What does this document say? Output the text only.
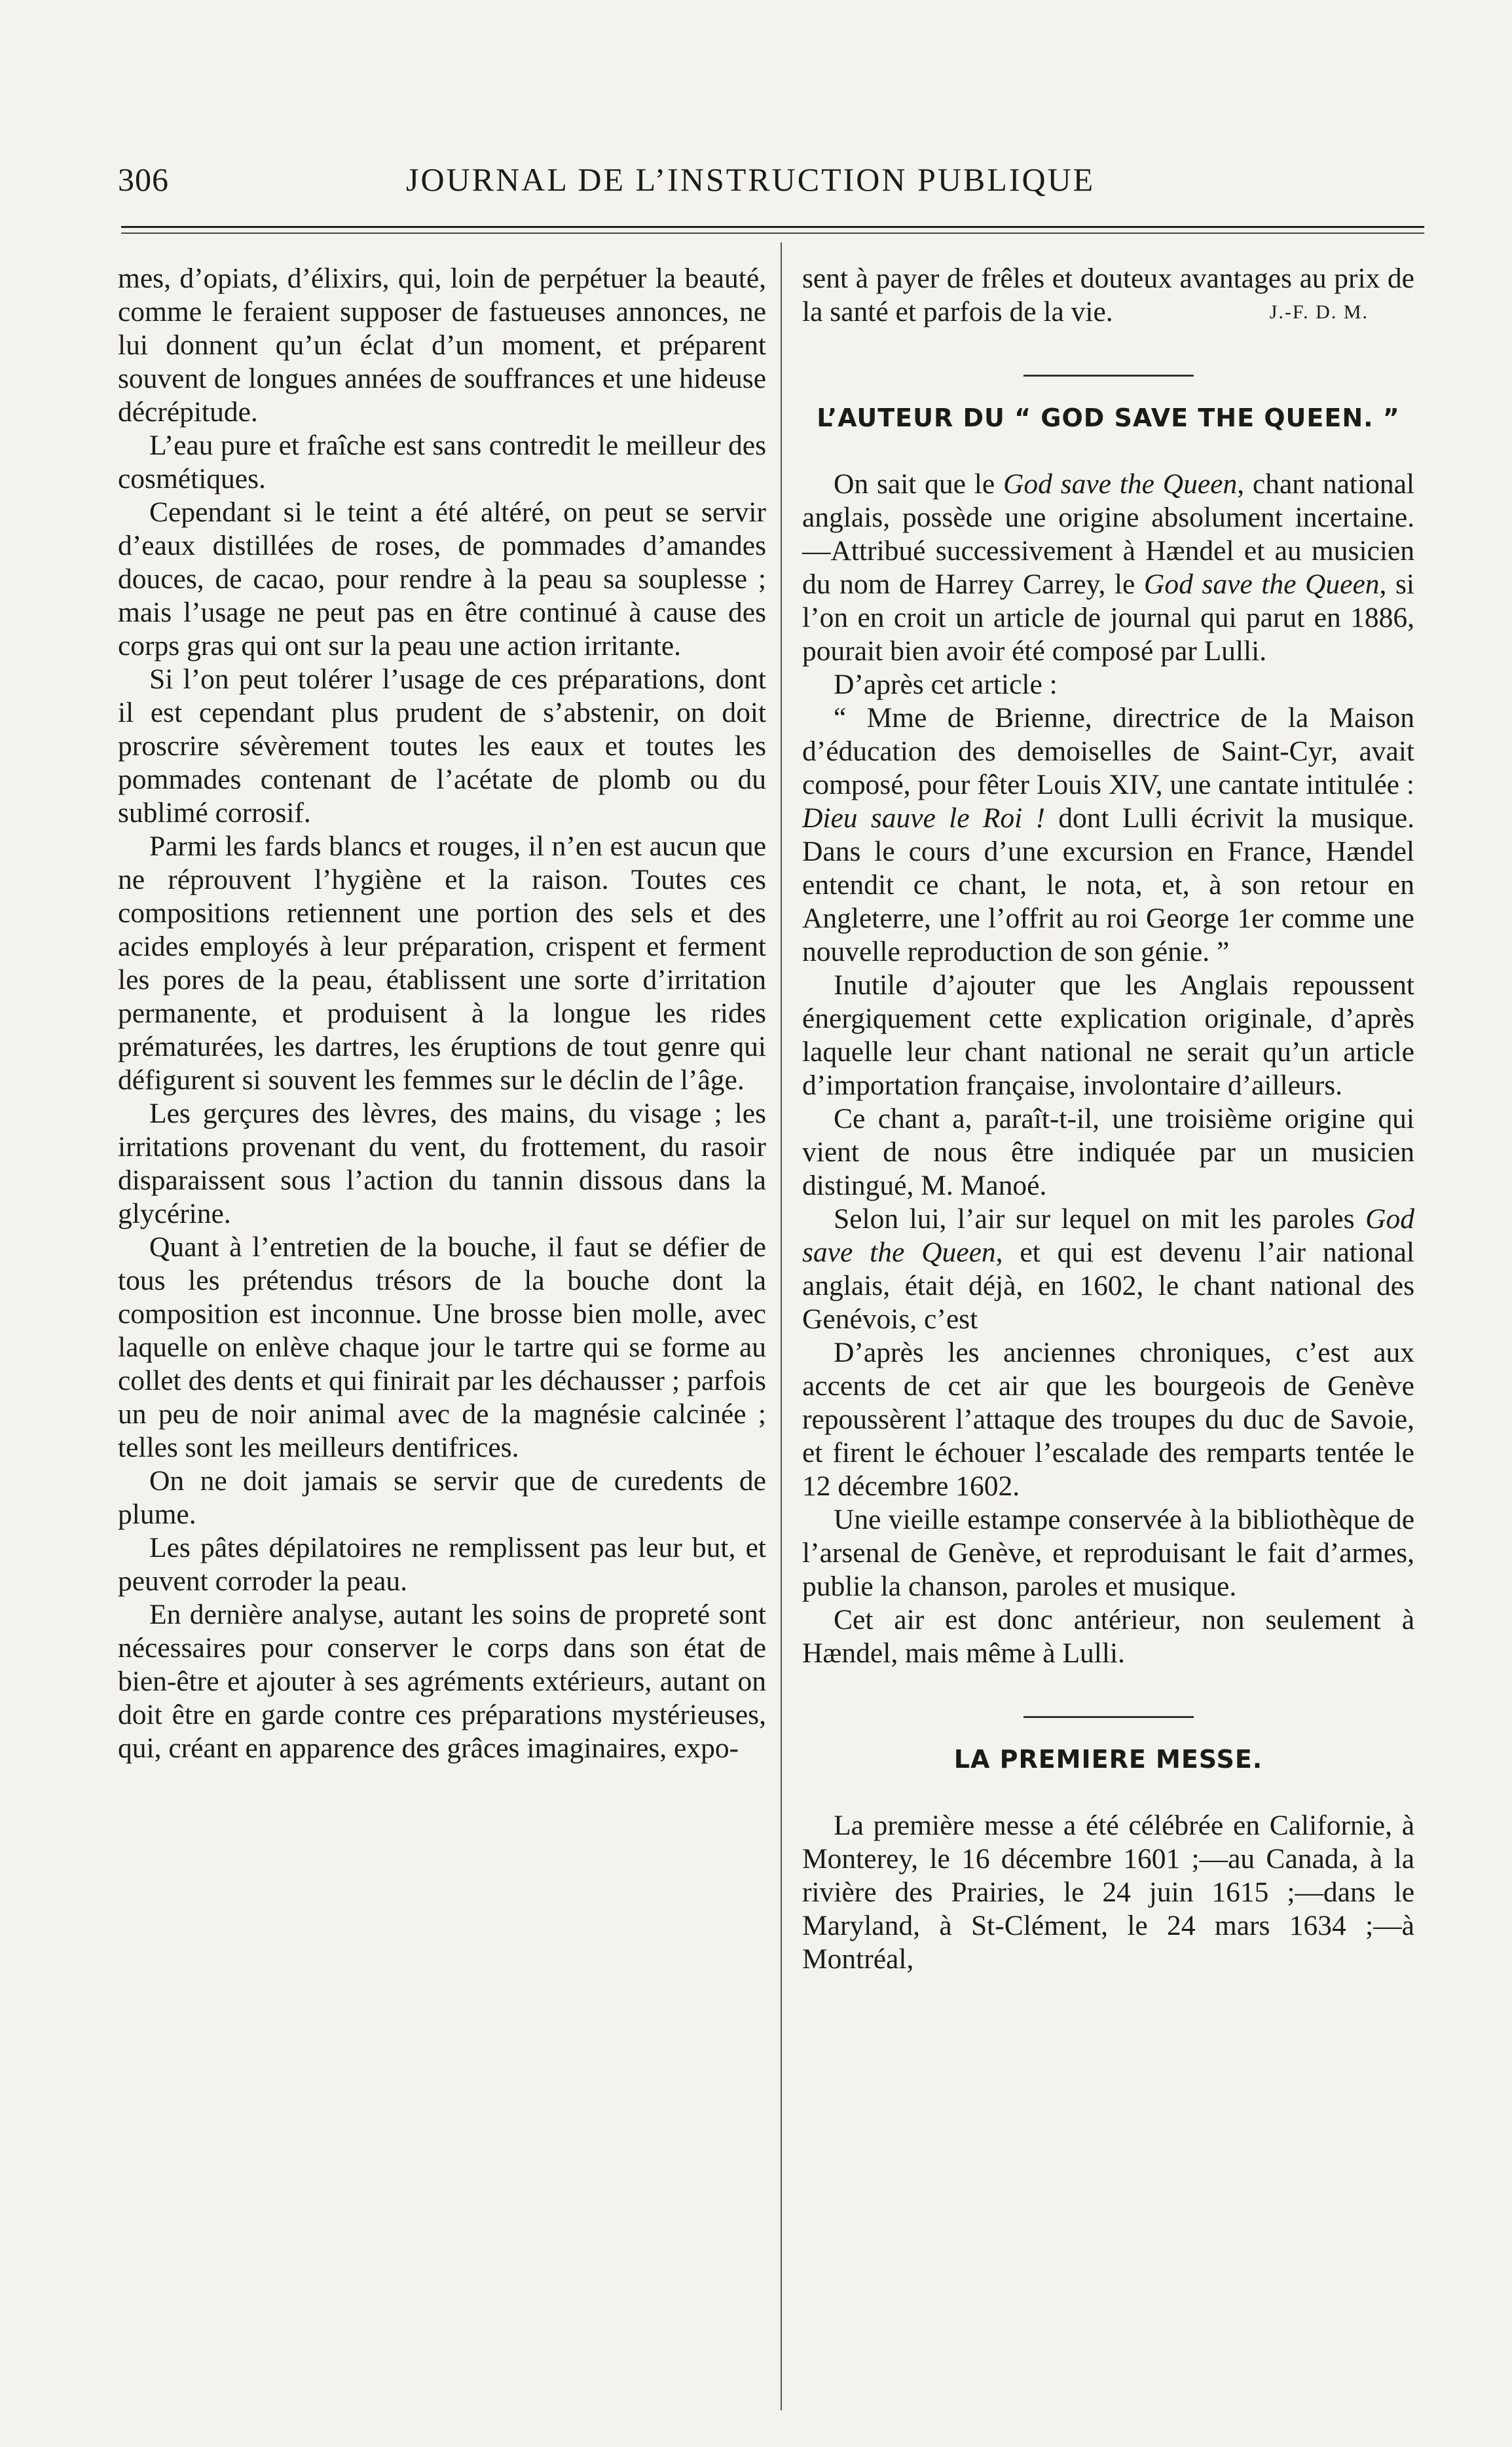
306	JOURNAL DE L’INSTRUCTION PUBLIQUE

mes, d’opiats, d’élixirs, qui, loin de perpétuer la beauté, comme le feraient supposer de fastueuses annonces, ne lui donnent qu’un éclat d’un moment, et préparent souvent de longues années de souffrances et une hideuse décrépitude.

L’eau pure et fraîche est sans contredit le meilleur des cosmétiques.

Cependant si le teint a été altéré, on peut se servir d’eaux distillées de roses, de pommades d’amandes douces, de cacao, pour rendre à la peau sa souplesse ; mais l’usage ne peut pas en être continué à cause des corps gras qui ont sur la peau une action irritante.

Si l’on peut tolérer l’usage de ces préparations, dont il est cependant plus prudent de s’abstenir, on doit proscrire sévèrement toutes les eaux et toutes les pommades contenant de l’acétate de plomb ou du sublimé corrosif.

Parmi les fards blancs et rouges, il n’en est aucun que ne réprouvent l’hygiène et la raison. Toutes ces compositions retiennent une portion des sels et des acides employés à leur préparation, crispent et ferment les pores de la peau, établissent une sorte d’irritation permanente, et produisent à la longue les rides prématurées, les dartres, les éruptions de tout genre qui défigurent si souvent les femmes sur le déclin de l’âge.

Les gerçures des lèvres, des mains, du visage ; les irritations provenant du vent, du frottement, du rasoir disparaissent sous l’action du tannin dissous dans la glycérine.

Quant à l’entretien de la bouche, il faut se défier de tous les prétendus trésors de la bouche dont la composition est inconnue. Une brosse bien molle, avec laquelle on enlève chaque jour le tartre qui se forme au collet des dents et qui finirait par les déchausser ; parfois un peu de noir animal avec de la magnésie calcinée ; telles sont les meilleurs dentifrices.

On ne doit jamais se servir que de curedents de plume.

Les pâtes dépilatoires ne remplissent pas leur but, et peuvent corroder la peau.

En dernière analyse, autant les soins de propreté sont nécessaires pour conserver le corps dans son état de bien-être et ajouter à ses agréments extérieurs, autant on doit être en garde contre ces préparations mystérieuses, qui, créant en apparence des grâces imaginaires, expo-

sent à payer de frêles et douteux avantages au prix de la santé et parfois de la vie.	J.-F. D. M.
L’AUTEUR DU “ GOD SAVE THE QUEEN. ”

On sait que le God save the Queen, chant national anglais, possède une origine absolument incertaine.—Attribué successivement à Hændel et au musicien du nom de Harrey Carrey, le God save the Queen, si l’on en croit un article de journal qui parut en 1886, pourait bien avoir été composé par Lulli.

D’après cet article :

“ Mme de Brienne, directrice de la Maison d’éducation des demoiselles de Saint-Cyr, avait composé, pour fêter Louis XIV, une cantate intitulée : Dieu sauve le Roi ! dont Lulli écrivit la musique. Dans le cours d’une excursion en France, Hændel entendit ce chant, le nota, et, à son retour en Angleterre, une l’offrit au roi George 1er comme une nouvelle reproduction de son génie. ”

Inutile d’ajouter que les Anglais repoussent énergiquement cette explication originale, d’après laquelle leur chant national ne serait qu’un article d’importation française, involontaire d’ailleurs.

Ce chant a, paraît-t-il, une troisième origine qui vient de nous être indiquée par un musicien distingué, M. Manoé.

Selon lui, l’air sur lequel on mit les paroles God save the Queen, et qui est devenu l’air national anglais, était déjà, en 1602, le chant national des Genévois, c’est

D’après les anciennes chroniques, c’est aux accents de cet air que les bourgeois de Genève repoussèrent l’attaque des troupes du duc de Savoie, et firent le échouer l’escalade des remparts tentée le 12 décembre 1602.

Une vieille estampe conservée à la bibliothèque de l’arsenal de Genève, et reproduisant le fait d’armes, publie la chanson, paroles et musique.

Cet air est donc antérieur, non seulement à Hændel, mais même à Lulli.

LA PREMIERE MESSE.

La première messe a été célébrée en Californie, à Monterey, le 16 décembre 1601 ;—au Canada, à la rivière des Prairies, le 24 juin 1615 ;—dans le Maryland, à St-Clément, le 24 mars 1634 ;—à Montréal,
